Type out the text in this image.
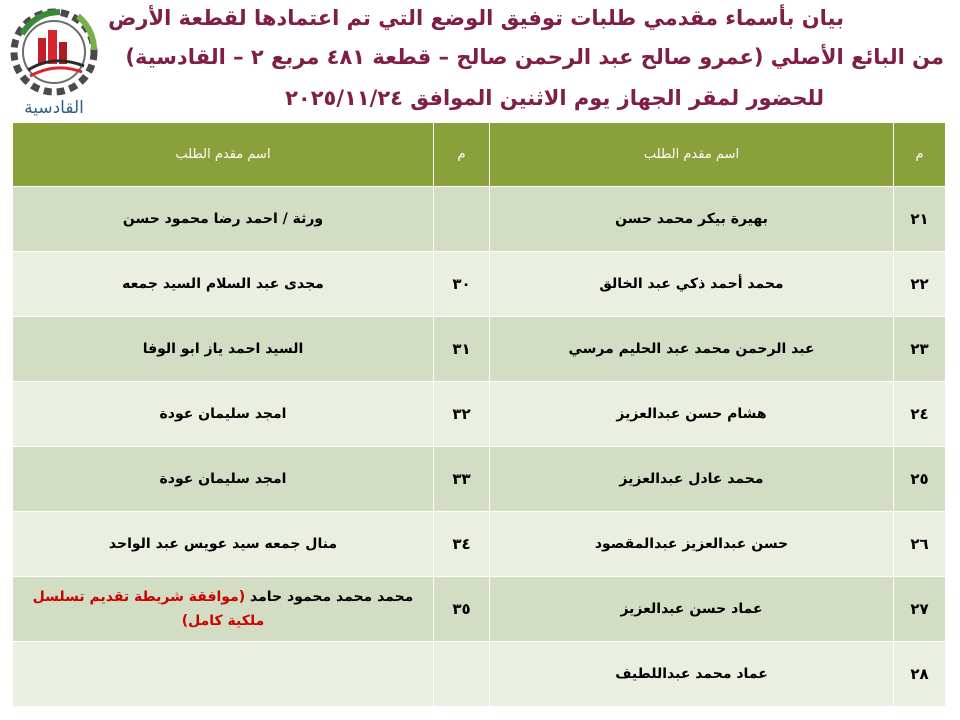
القادسية
بيان بأسماء مقدمي طلبات توفيق الوضع التي تم اعتمادها لقطعة الأرض
من البائع الأصلي (عمرو صالح عبد الرحمن صالح – قطعة ٤٨١ مربع ٢ – القادسية)
للحضور لمقر الجهاز يوم الاثنين الموافق ٢٠٢٥/١١/٢٤
م	اسم مقدم الطلب	م	اسم مقدم الطلب
٢١	بهيرة بيكر محمد حسن		ورثة / احمد رضا محمود حسن
٢٢	محمد أحمد ذكي عبد الخالق	٣٠	مجدى عبد السلام السيد جمعه
٢٣	عبد الرحمن محمد عبد الحليم مرسي	٣١	السيد احمد ياز ابو الوفا
٢٤	هشام حسن عبدالعزيز	٣٢	امجد سليمان عودة
٢٥	محمد عادل عبدالعزيز	٣٣	امجد سليمان عودة
٢٦	حسن عبدالعزيز عبدالمقصود	٣٤	منال جمعه سيد عويس عبد الواحد
٢٧	عماد حسن عبدالعزيز	٣٥	محمد محمد محمود حامد (موافقة شريطة تقديم تسلسل ملكية كامل)
٢٨	عماد محمد عبداللطيف		
